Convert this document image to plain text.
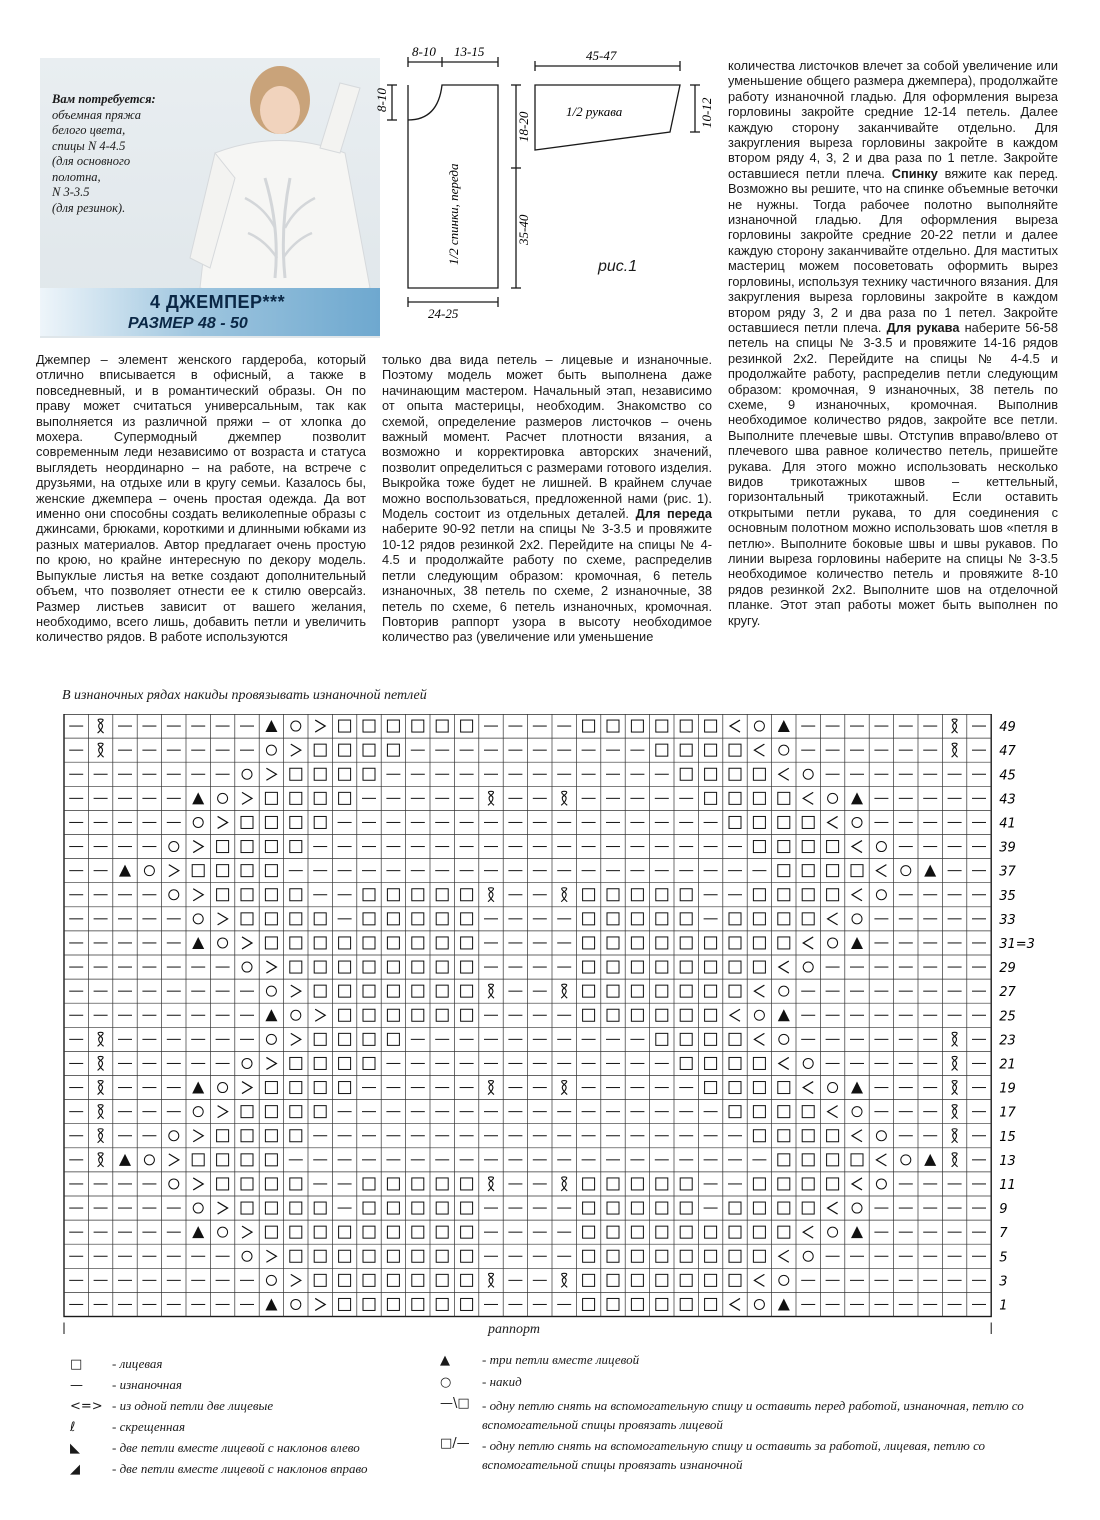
Вам потребуется:
объемная пряжа
белого цвета,
спицы N 4-4.5
(для основного
полотна,
N 3-3.5
(для резинок).
4 ДЖЕМПЕР***
РАЗМЕР 48 - 50
8-10 13-15
8-10
18-20
35-40
24-25
1/2 спинки, переда
45-47
1/2 рукава	10-12
рис.1

Джемпер – элемент женского гардероба, который отлично вписывается в офисный, а также в повседневный, и в романтический образы. Он по праву может считаться универсальным, так как выполняется из различной пряжи – от хлопка до мохера. Супермодный джемпер позволит современным леди независимо от возраста и статуса выглядеть неординарно – на работе, на встрече с друзьями, на отдыхе или в кругу семьи. Казалось бы, женские джемпера – очень простая одежда. Да вот именно они способны создать великолепные образы с джинсами, брюками, короткими и длинными юбками из разных материалов. Автор предлагает очень простую по крою, но крайне интересную по декору модель. Выпуклые листья на ветке создают дополнительный объем, что позволяет отнести ее к стилю оверсайз. Размер листьев зависит от вашего желания, необходимо, всего лишь, добавить петли и увеличить количество рядов. В работе используются

только два вида петель – лицевые и изнаночные. Поэтому модель может быть выполнена даже начинающим мастером. Начальный этап, независимо от опыта мастерицы, необходим. Знакомство со схемой, определение размеров листочков – очень важный момент. Расчет плотности вязания, а возможно и корректировка авторских значений, позволит определиться с размерами готового изделия. Выкройка тоже будет не лишней. В крайнем случае можно воспользоваться, предложенной нами (рис. 1). Модель состоит из отдельных деталей. Для переда наберите 90-92 петли на спицы № 3-3.5 и провяжите 10-12 рядов резинкой 2х2. Перейдите на спицы № 4-4.5 и продолжайте работу по схеме, распределив петли следующим образом: кромочная, 6 петель изнаночных, 38 петель по схеме, 2 изнаночные, 38 петель по схеме, 6 петель изнаночных, кромочная. Повторив раппорт узора в высоту необходимое количество раз (увеличение или уменьшение

количества листочков влечет за собой увеличение или уменьшение общего размера джемпера), продолжайте работу изнаночной гладью. Для оформления выреза горловины закройте средние 12-14 петель. Далее каждую сторону заканчивайте отдельно. Для закругления выреза горловины закройте в каждом втором ряду 4, 3, 2 и два раза по 1 петле. Закройте оставшиеся петли плеча. Спинку вяжите как перед. Возможно вы решите, что на спинке объемные веточки не нужны. Тогда рабочее полотно выполняйте изнаночной гладью. Для оформления выреза горловины закройте средние 20-22 петли и далее каждую сторону заканчивайте отдельно. Для маститых мастериц можем посоветовать оформить вырез горловины, используя технику частичного вязания. Для закругления выреза горловины закройте в каждом втором ряду 3, 2 и два раза по 1 петел. Закройте оставшиеся петли плеча. Для рукава наберите 56-58 петель на спицы № 3-3.5 и провяжите 14-16 рядов резинкой 2х2. Перейдите на спицы № 4-4.5 и продолжайте работу, распределив петли следующим образом: кромочная, 9 изнаночных, 38 петель по схеме, 9 изнаночных, кромочная. Выполнив необходимое количество рядов, закройте все петли. Выполните плечевые швы. Отступив вправо/влево от плечевого шва равное количество петель, пришейте рукава. Для этого можно использовать несколько видов трикотажных швов – кеттельный, горизонтальный трикотажный. Если оставить открытыми петли рукава, то для соединения с основным полотном можно использовать шов «петля в петлю». Выполните боковые швы и швы рукавов. По линии выреза горловины наберите на спицы № 3-3.5 необходимое количество петель и провяжите 8-10 рядов резинкой 2х2. Выполните шов на отделочной планке. Этот этап работы может быть выполнен по кругу.

В изнаночных рядах накиды провязывать изнаночной петлей
49
47
45
43
41
39
37
35
33
31=3
29
27
25
23
21
19
17
15
13
11
9
7
5
3
1
раппорт
□ - лицевая
— - изнаночная
<=> - из одной петли две лицевые
ℓ	- скрещенная
◣ - две петли вместе лицевой с наклонов влево
◢ - две петли вместе лицевой с наклонов вправо
▲ - три петли вместе лицевой
○ - накид
—\□ - одну петлю снять на вспомогательную спицу и оставить перед работой, изнаночная, петлю со вспомогательной спицы провязать лицевой
□/— - одну петлю снять на вспомогательную спицу и оставить за работой, лицевая, петлю со вспомогательной спицы провязать изнаночной
